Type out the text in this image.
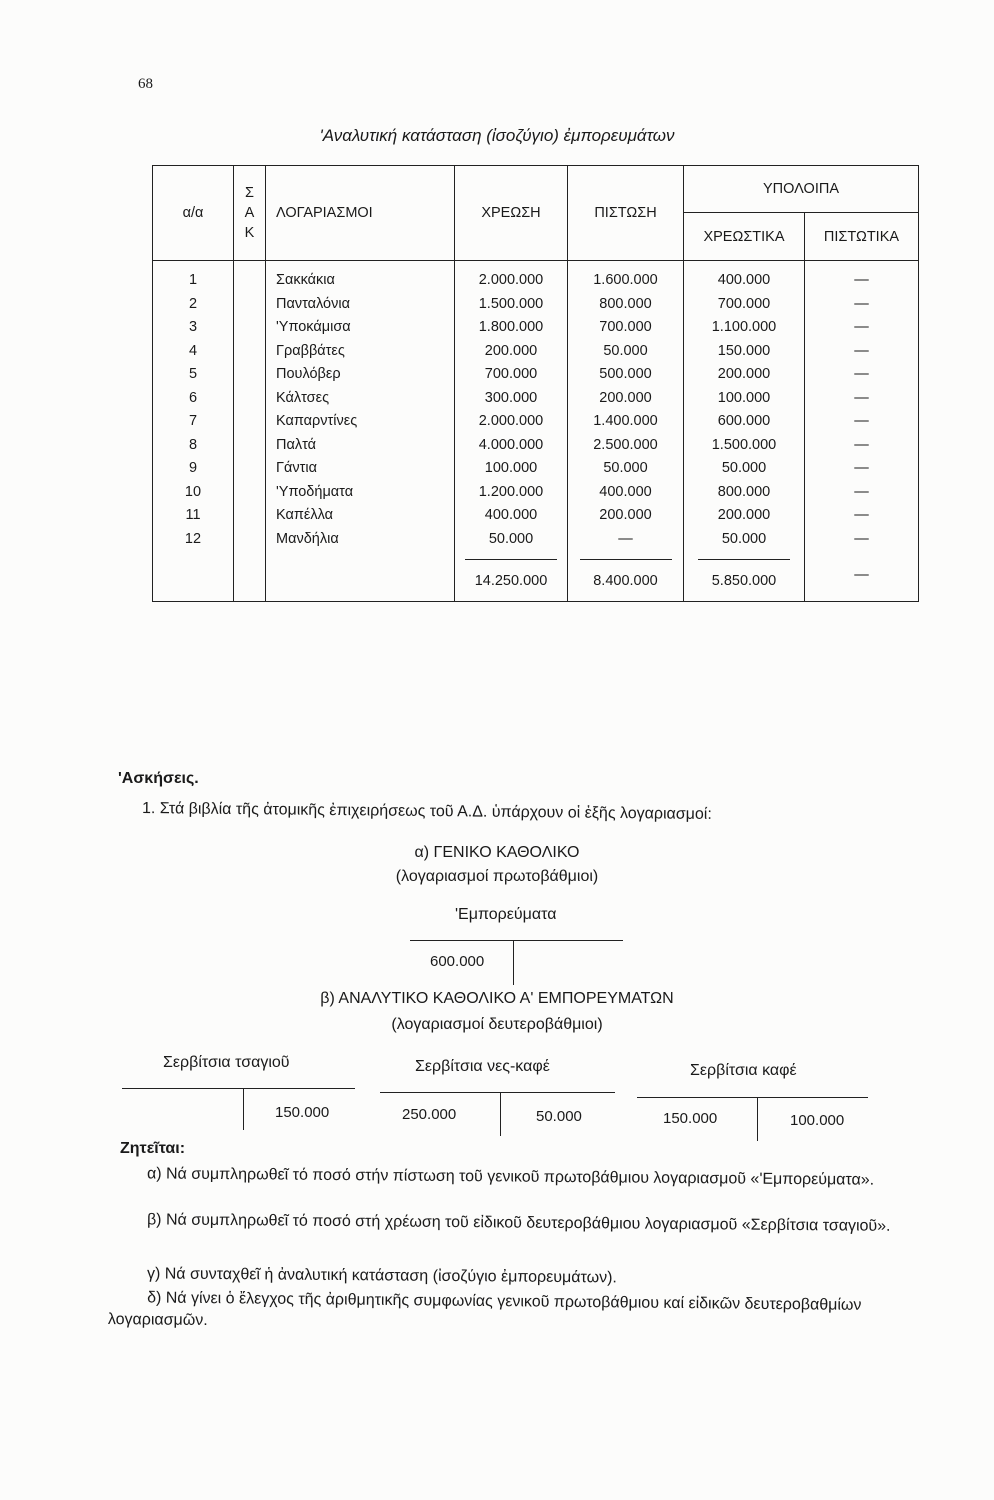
68
'Αναλυτική κατάσταση (ἰσοζύγιο) ἐμπορευμάτων
α/α	Σ
Α
Κ	ΛΟΓΑΡΙΑΣΜΟΙ	ΧΡΕΩΣΗ	ΠΙΣΤΩΣΗ	ΥΠΟΛΟΙΠΑ	
					ΧΡΕΩΣΤΙΚΑ	ΠΙΣΤΩΤΙΚΑ
1		Σακκάκια	2.000.000	1.600.000	400.000	—
2		Πανταλόνια	1.500.000	800.000	700.000	—
3		'Υποκάμισα	1.800.000	700.000	1.100.000	—
4		Γραββάτες	200.000	50.000	150.000	—
5		Πουλόβερ	700.000	500.000	200.000	—
6		Κάλτσες	300.000	200.000	100.000	—
7		Καπαρντίνες	2.000.000	1.400.000	600.000	—
8		Παλτά	4.000.000	2.500.000	1.500.000	—
9		Γάντια	100.000	50.000	50.000	—
10		'Υποδήματα	1.200.000	400.000	800.000	—
11		Καπέλλα	400.000	200.000	200.000	—
12		Μανδήλια	50.000	—	50.000	—
			14.250.000	8.400.000	5.850.000	—
'Ασκήσεις.
1. Στά βιβλία τῆς ἀτομικῆς ἐπιχειρήσεως τοῦ Α.Δ. ὑπάρχουν οἱ ἑξῆς λογαριασμοί:
α) ΓΕΝΙΚΟ ΚΑΘΟΛΙΚΟ
(λογαριασμοί πρωτοβάθμιοι)
'Εμπορεύματα
600.000
β) ΑΝΑΛΥΤΙΚΟ ΚΑΘΟΛΙΚΟ Α' ΕΜΠΟΡΕΥΜΑΤΩΝ
(λογαριασμοί δευτεροβάθμιοι)
Σερβίτσια τσαγιοῦ
150.000
Σερβίτσια νες-καφέ
250.000	50.000
Σερβίτσια καφέ
150.000	100.000
Ζητεῖται:
α) Νά συμπληρωθεῖ τό ποσό στήν πίστωση τοῦ γενικοῦ πρωτοβάθμιου λογαριασμοῦ «'Εμπορεύματα».
β) Νά συμπληρωθεῖ τό ποσό στή χρέωση τοῦ εἰδικοῦ δευτεροβάθμιου λογαριασμοῦ «Σερβίτσια τσαγιοῦ».
γ) Νά συνταχθεῖ ἡ ἀναλυτική κατάσταση (ἰσοζύγιο ἐμπορευμάτων).
δ) Νά γίνει ὁ ἔλεγχος τῆς ἀριθμητικῆς συμφωνίας γενικοῦ πρωτοβάθμιου καί εἰδικῶν δευτεροβαθμίων λογαριασμῶν.
